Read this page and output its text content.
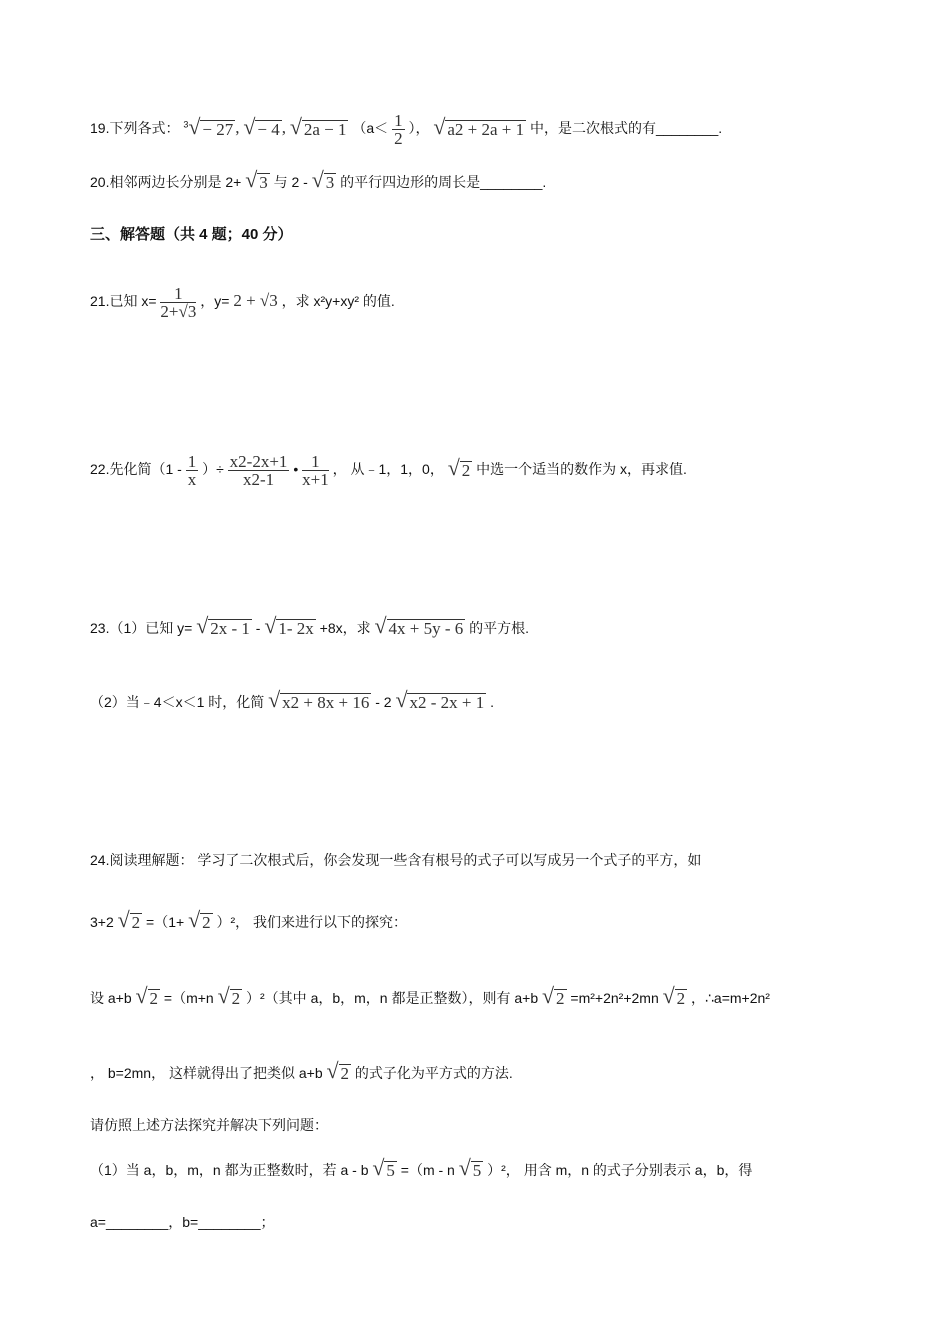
19.下列各式： $^3$ √ − 27 , √ − 4 , √ 2a − 1 （$a< \frac{1}{2}$ ）， √ a2 + 2a + 1 中，是二次根式的有________.
20.相邻两边长分别是 2+ √ 3 与 2 - √ 3 的平行四边形的周长是________.
三、解答题（共 4 题；40 分）
21.已知 $x= \frac{1}{2+√3}$ ，y= 2 + √3 ，求 x²y+xy² 的值.
22.先化简（$1 - \frac{1}{x}$ ）÷ $\frac{x2-2x+1}{x2-1}$ • $\frac{1}{x+1}$ ， 从﹣1，1，0， √ 2 中选一个适当的数作为 x，再求值.
23.（1）已知 y= √ 2x - 1 - √ 1- 2x +8x，求 √ 4x + 5y - 6 的平方根.
（2）当﹣4＜x＜1 时，化简 √ x2 + 8x + 16 - 2 √ x2 - 2x + 1 .
24.阅读理解题： 学习了二次根式后，你会发现一些含有根号的式子可以写成另一个式子的平方，如
3+2 √ 2 =（1+ √ 2 ）²， 我们来进行以下的探究：
设 a+b √ 2 =（m+n √ 2 ）²（其中 a，b，m，n 都是正整数），则有 a+b √ 2 =m²+2n²+2mn √ 2 ，∴a=m+2n²
， b=2mn， 这样就得出了把类似 a+b √ 2 的式子化为平方式的方法.
请仿照上述方法探究并解决下列问题：
（1）当 a，b，m，n 都为正整数时，若 a - b √ 5 =（m - n √ 5 ）²， 用含 m，n 的式子分别表示 a，b，得
a=________，b=________；
